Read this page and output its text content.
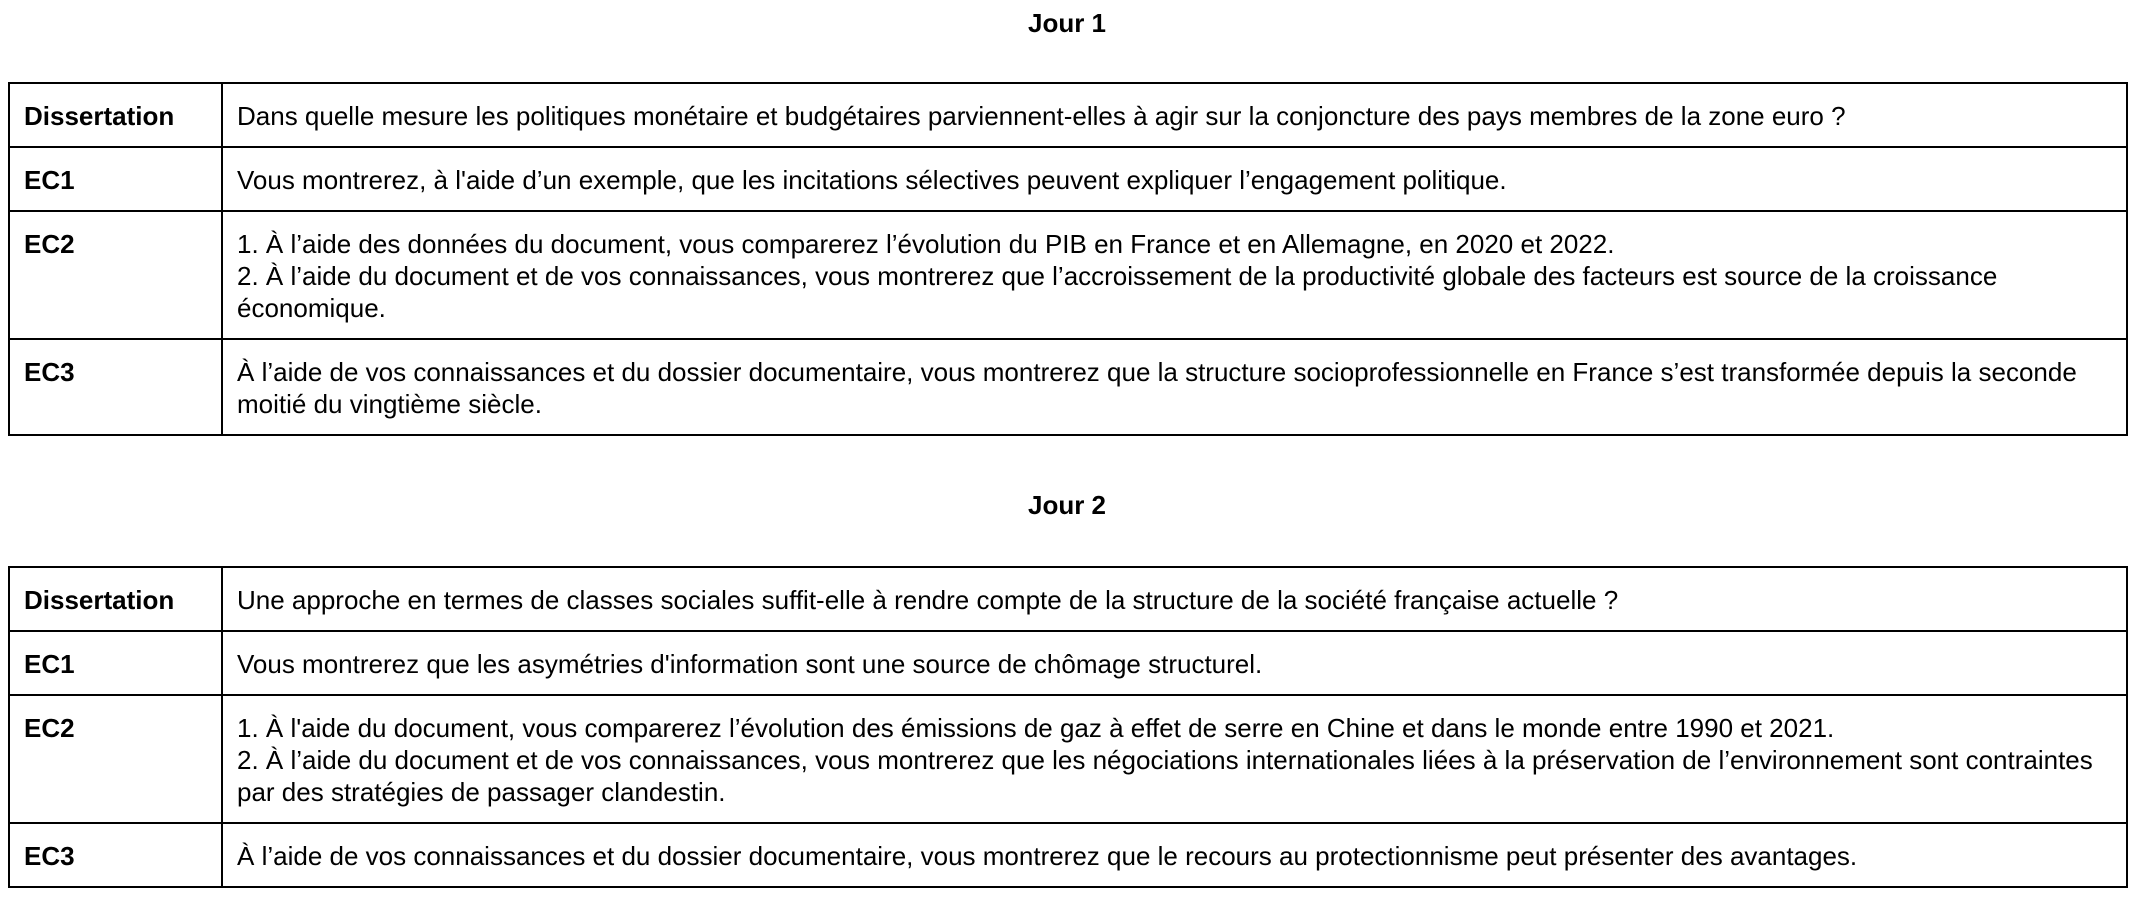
Jour 1
Dissertation	Dans quelle mesure les politiques monétaire et budgétaires parviennent-elles à agir sur la conjoncture des pays membres de la zone euro ?

EC1	Vous montrerez, à l'aide d’un exemple, que les incitations sélectives peuvent expliquer l’engagement politique.

EC2	1. À l’aide des données du document, vous comparerez l’évolution du PIB en France et en Allemagne, en 2020 et 2022.
2. À l’aide du document et de vos connaissances, vous montrerez que l’accroissement de la productivité globale des facteurs est source de la croissance économique.

EC3	À l’aide de vos connaissances et du dossier documentaire, vous montrerez que la structure socioprofessionnelle en France s’est transformée depuis la seconde moitié du vingtième siècle.
Jour 2
Dissertation	Une approche en termes de classes sociales suffit-elle à rendre compte de la structure de la société française actuelle ?

EC1	Vous montrerez que les asymétries d'information sont une source de chômage structurel.

EC2	1. À l'aide du document, vous comparerez l’évolution des émissions de gaz à effet de serre en Chine et dans le monde entre 1990 et 2021.
2. À l’aide du document et de vos connaissances, vous montrerez que les négociations internationales liées à la préservation de l’environnement sont contraintes par des stratégies de passager clandestin.

EC3	À l’aide de vos connaissances et du dossier documentaire, vous montrerez que le recours au protectionnisme peut présenter des avantages.
